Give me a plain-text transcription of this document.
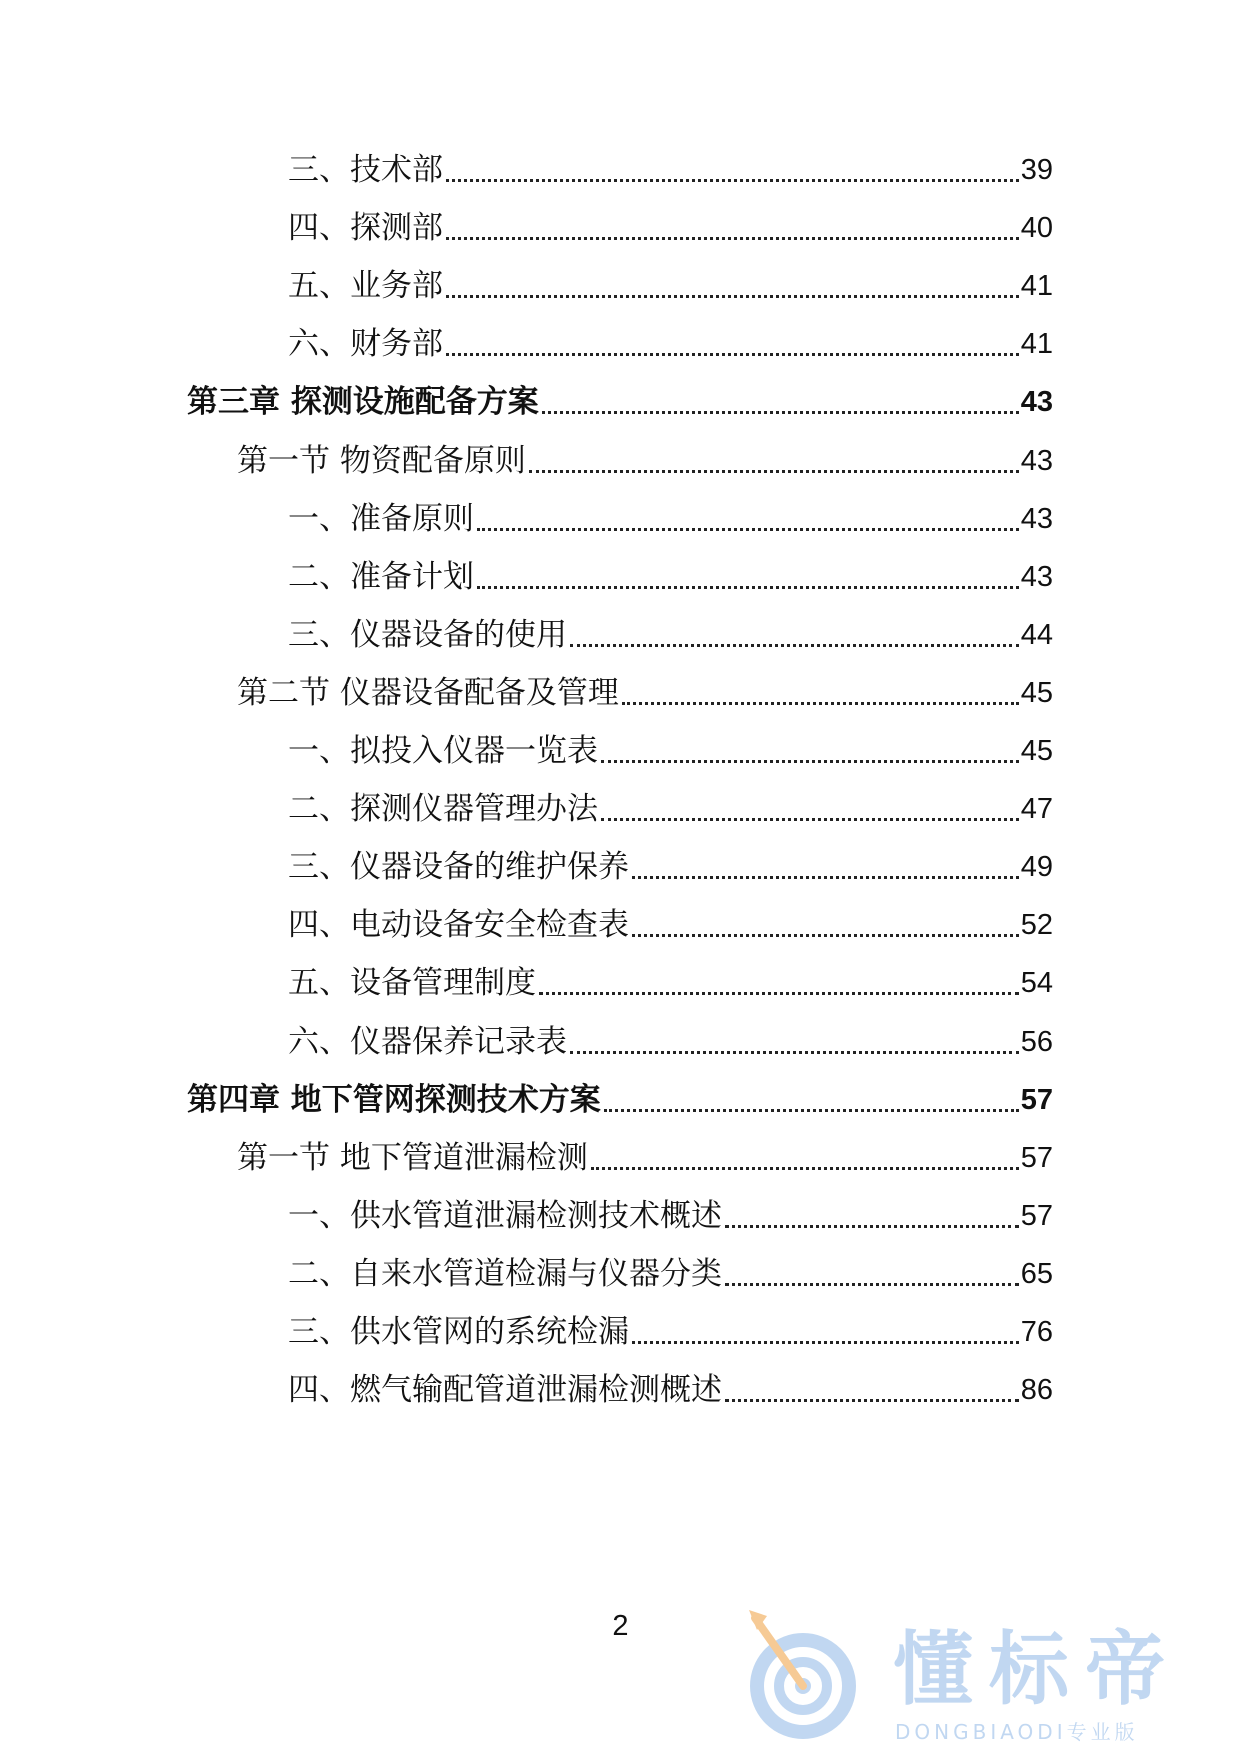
三、技术部	39
四、探测部	40
五、业务部	41
六、财务部	41
第三章 探测设施配备方案	43
第一节 物资配备原则	43
一、准备原则	43
二、准备计划	43
三、仪器设备的使用	44
第二节 仪器设备配备及管理	45
一、拟投入仪器一览表	45
二、探测仪器管理办法	47
三、仪器设备的维护保养	49
四、电动设备安全检查表	52
五、设备管理制度	54
六、仪器保养记录表	56
第四章 地下管网探测技术方案	57
第一节 地下管道泄漏检测	57
一、供水管道泄漏检测技术概述	57
二、自来水管道检漏与仪器分类	65
三、供水管网的系统检漏	76
四、燃气输配管道泄漏检测概述	86
2	懂标帝
DONGBIAODI专业版
